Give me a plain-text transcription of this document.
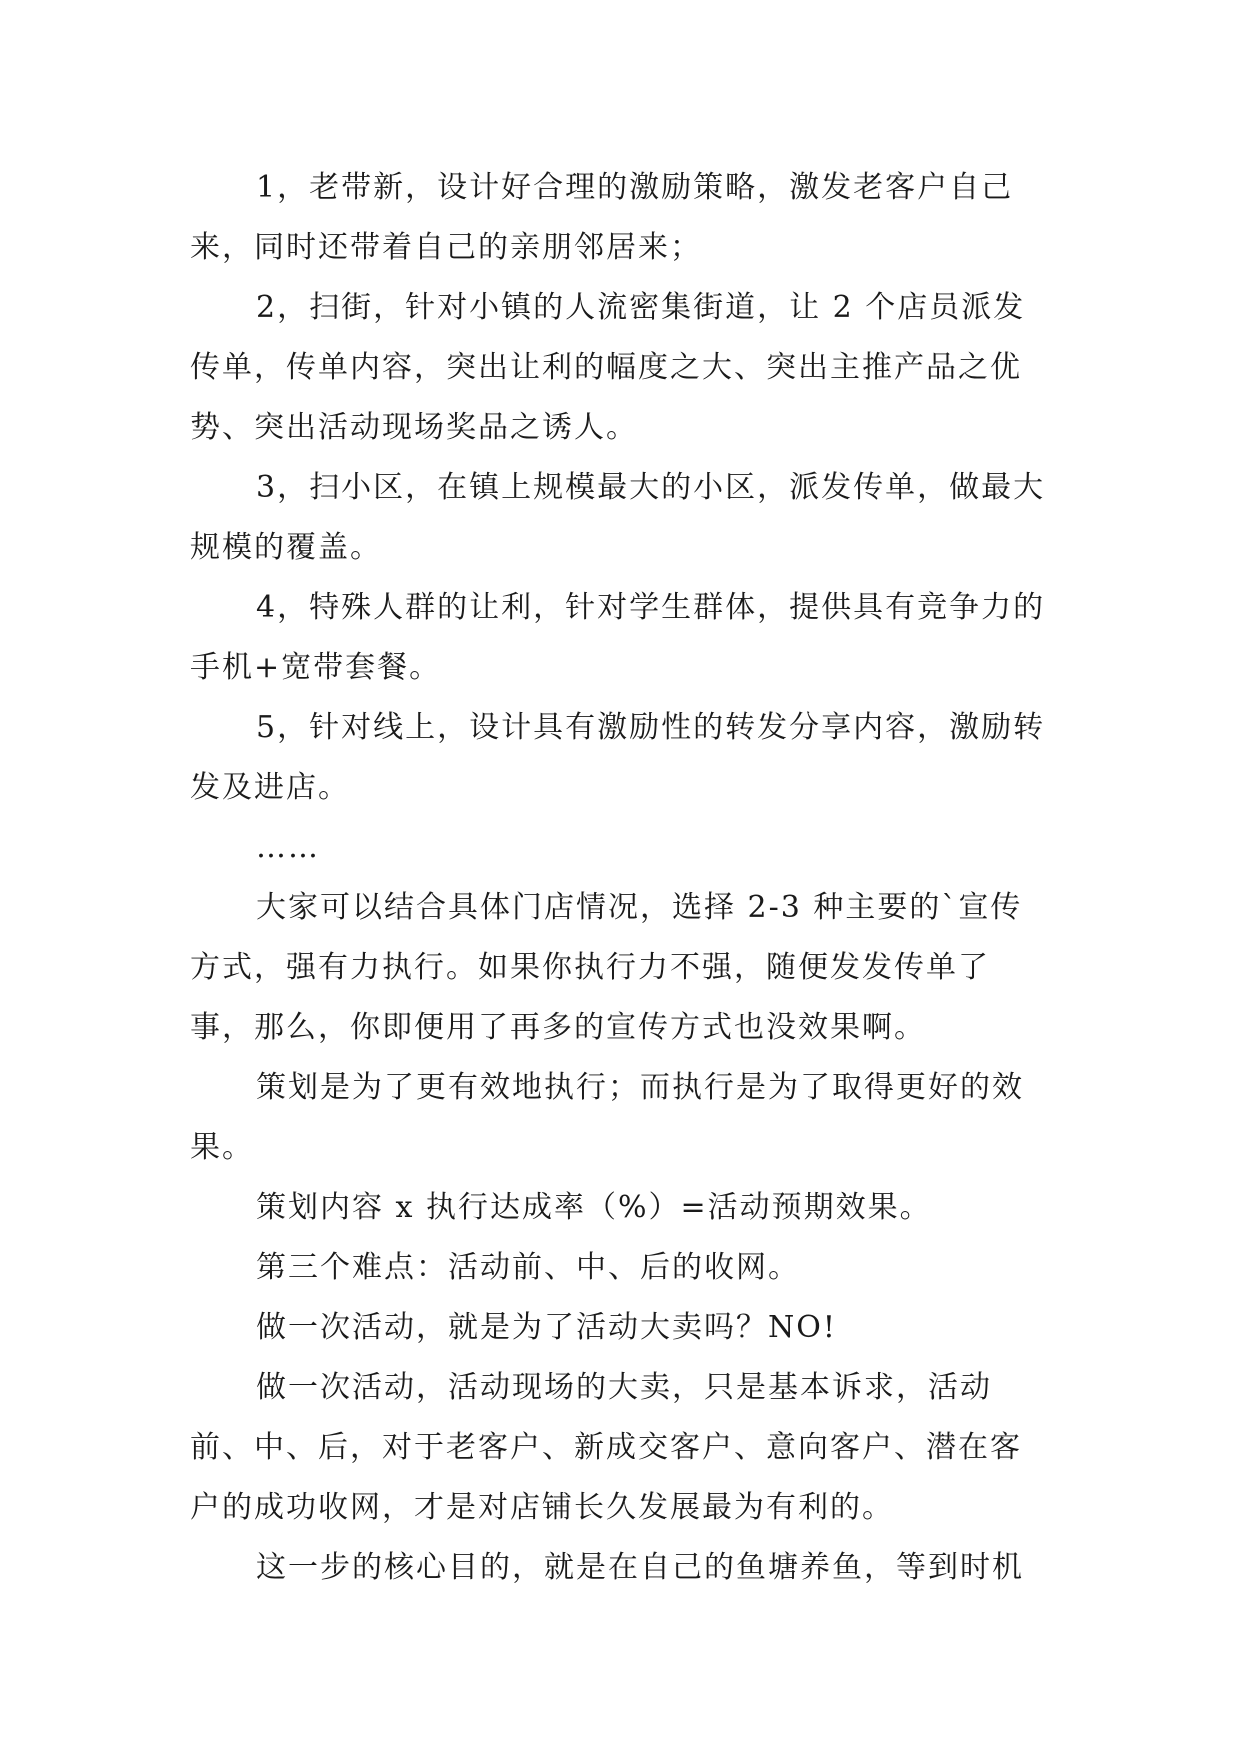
1，老带新，设计好合理的激励策略，激发老客户自己来，同时还带着自己的亲朋邻居来；

2，扫街，针对小镇的人流密集街道，让 2 个店员派发传单，传单内容，突出让利的幅度之大、突出主推产品之优势、突出活动现场奖品之诱人。

3，扫小区，在镇上规模最大的小区，派发传单，做最大规模的覆盖。

4，特殊人群的让利，针对学生群体，提供具有竞争力的手机+宽带套餐。

5，针对线上，设计具有激励性的转发分享内容，激励转发及进店。

……

大家可以结合具体门店情况，选择 2-3 种主要的`宣传方式，强有力执行。如果你执行力不强，随便发发传单了事，那么，你即便用了再多的宣传方式也没效果啊。

策划是为了更有效地执行；而执行是为了取得更好的效果。

策划内容 x 执行达成率（%）=活动预期效果。

第三个难点：活动前、中、后的收网。

做一次活动，就是为了活动大卖吗？NO!

做一次活动，活动现场的大卖，只是基本诉求，活动前、中、后，对于老客户、新成交客户、意向客户、潜在客户的成功收网，才是对店铺长久发展最为有利的。

这一步的核心目的，就是在自己的鱼塘养鱼，等到时机
